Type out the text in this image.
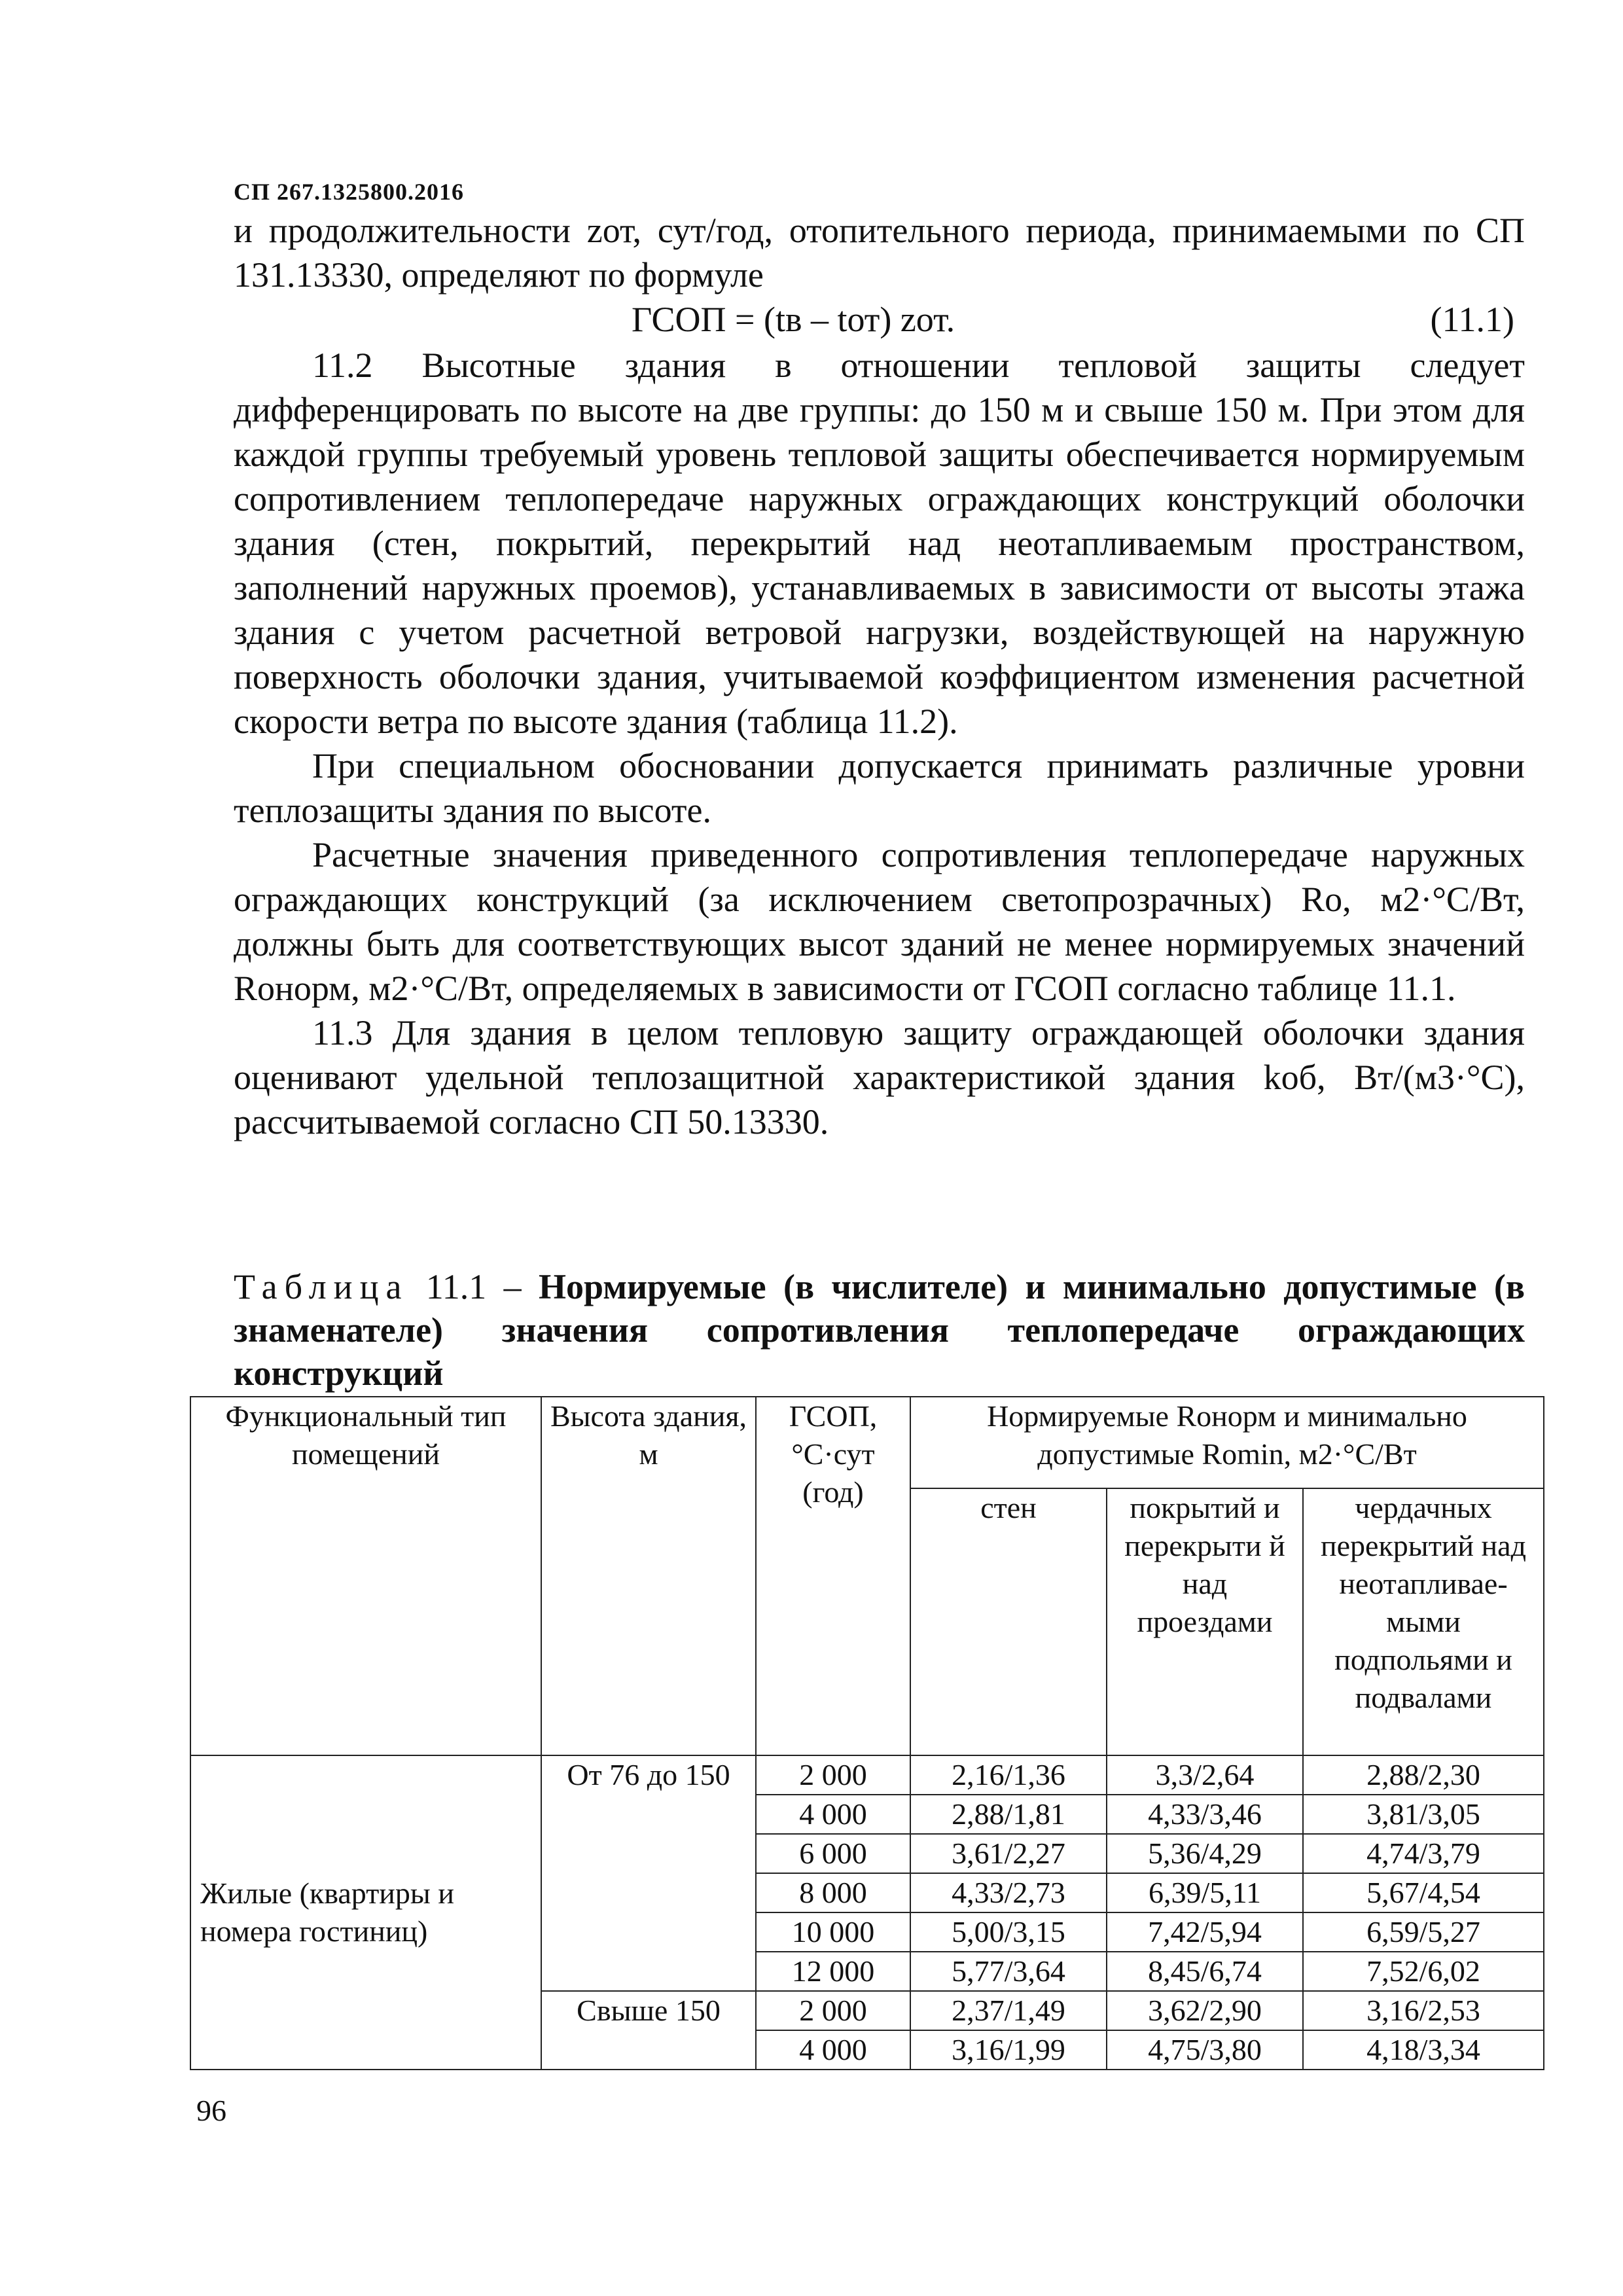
СП 267.1325800.2016

и продолжительности zот, сут/год, отопительного периода, принимаемыми по СП 131.13330, определяют по формуле

ГСОП = (tв – tот) zот.	(11.1)

11.2 Высотные здания в отношении тепловой защиты следует дифференцировать по высоте на две группы: до 150 м и свыше 150 м. При этом для каждой группы требуемый уровень тепловой защиты обеспечивается нормируемым сопротивлением теплопередаче наружных ограждающих конструкций оболочки здания (стен, покрытий, перекрытий над неотапливаемым пространством, заполнений наружных проемов), устанавливаемых в зависимости от высоты этажа здания с учетом расчетной ветровой нагрузки, воздействующей на наружную поверхность оболочки здания, учитываемой коэффициентом изменения расчетной скорости ветра по высоте здания (таблица 11.2).

При специальном обосновании допускается принимать различные уровни теплозащиты здания по высоте.

Расчетные значения приведенного сопротивления теплопередаче наружных ограждающих конструкций (за исключением светопрозрачных) Ro, м2·°С/Вт, должны быть для соответствующих высот зданий не менее нормируемых значений Roнорм, м2·°С/Вт, определяемых в зависимости от ГСОП согласно таблице 11.1.

11.3 Для здания в целом тепловую защиту ограждающей оболочки здания оценивают удельной теплозащитной характеристикой здания kоб, Вт/(м3·°С), рассчитываемой согласно СП 50.13330.

Таблица 11.1 – Нормируемые (в числителе) и минимально допустимые (в знаменателе) значения сопротивления теплопередаче ограждающих конструкций
Функциональный тип помещений	Высота здания, м	ГСОП, °С·сут (год)	Нормируемые Roнорм и минимально допустимые Romin, м2·°С/Вт		
			стен	покрытий и перекрыти й над проездами	чердачных перекрытий над неотапливае-мыми подпольями и подвалами
Жилые (квартиры и номера гостиниц)	От 76 до 150	2 000	2,16/1,36	3,3/2,64	2,88/2,30
		4 000	2,88/1,81	4,33/3,46	3,81/3,05
		6 000	3,61/2,27	5,36/4,29	4,74/3,79
		8 000	4,33/2,73	6,39/5,11	5,67/4,54
		10 000	5,00/3,15	7,42/5,94	6,59/5,27
		12 000	5,77/3,64	8,45/6,74	7,52/6,02
	Свыше 150	2 000	2,37/1,49	3,62/2,90	3,16/2,53
		4 000	3,16/1,99	4,75/3,80	4,18/3,34
96
